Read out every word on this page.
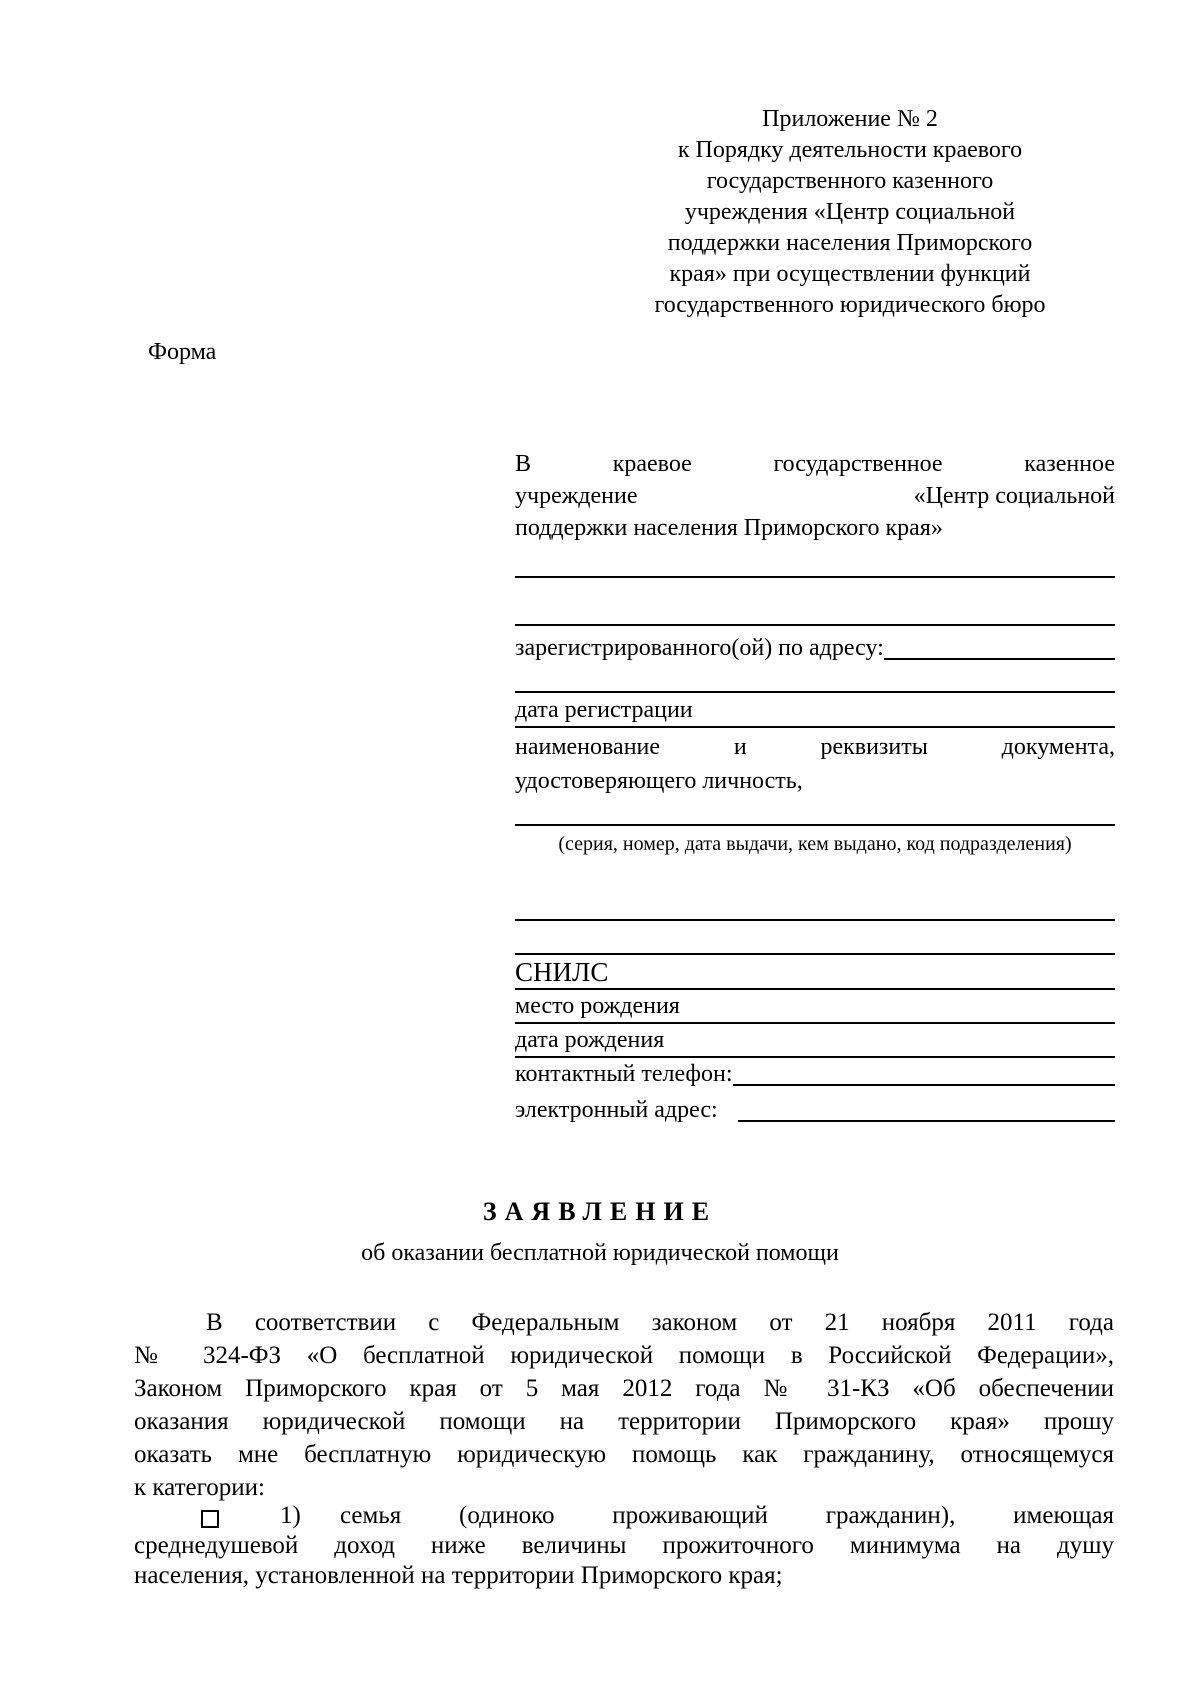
Приложение № 2
к Порядку деятельности краевого
государственного казенного
учреждения «Центр социальной
поддержки населения Приморского
края» при осуществлении функций
государственного юридического бюро
Форма
В	краевое	государственное	казенное
учреждение	«Центр социальной
поддержки населения Приморского края»
зарегистрированного(ой) по адресу:
дата регистрации
наименование	и	реквизиты	документа,
удостоверяющего личность,
(серия, номер, дата выдачи, кем выдано, код подразделения)
СНИЛС
место рождения
дата рождения
контактный телефон:
электронный адрес:
ЗАЯВЛЕНИЕ
об оказании бесплатной юридической помощи
В соответствии с Федеральным законом от 21 ноября 2011 года
№ 324-ФЗ «О бесплатной юридической помощи в Российской Федерации»,
Законом Приморского края от 5 мая 2012 года № 31-КЗ «Об обеспечении
оказания юридической помощи на территории Приморского края» прошу
оказать мне бесплатную юридическую помощь как гражданину, относящемуся
к категории:
1)	семья (одиноко проживающий гражданин), имеющая
среднедушевой доход ниже величины прожиточного минимума на душу
населения, установленной на территории Приморского края;
